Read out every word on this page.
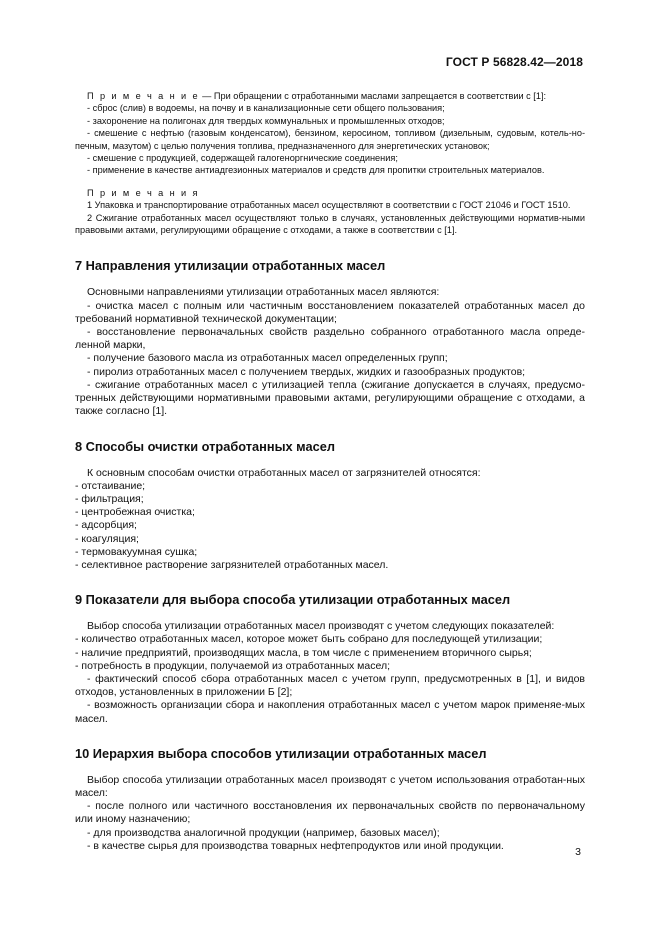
ГОСТ Р 56828.42—2018

П р и м е ч а н и е — При обращении с отработанными маслами запрещается в соответствии с [1]:

- сброс (слив) в водоемы, на почву и в канализационные сети общего пользования;

- захоронение на полигонах для твердых коммунальных и промышленных отходов;

- смешение с нефтью (газовым конденсатом), бензином, керосином, топливом (дизельным, судовым, котель-но-печным, мазутом) с целью получения топлива, предназначенного для энергетических установок;

- смешение с продукцией, содержащей галогеноргнические соединения;

- применение в качестве антиадгезионных материалов и средств для пропитки строительных материалов.

П р и м е ч а н и я

1 Упаковка и транспортирование отработанных масел осуществляют в соответствии с ГОСТ 21046 и ГОСТ 1510.

2 Сжигание отработанных масел осуществляют только в случаях, установленных действующими норматив-ными правовыми актами, регулирующими обращение с отходами, а также в соответствии с [1].

7 Направления утилизации отработанных масел

Основными направлениями утилизации отработанных масел являются:

- очистка масел с полным или частичным восстановлением показателей отработанных масел до требований нормативной технической документации;

- восстановление первоначальных свойств раздельно собранного отработанного масла опреде-ленной марки,

- получение базового масла из отработанных масел определенных групп;

- пиролиз отработанных масел с получением твердых, жидких и газообразных продуктов;

- сжигание отработанных масел с утилизацией тепла (сжигание допускается в случаях, предусмо-тренных действующими нормативными правовыми актами, регулирующими обращение с отходами, а также согласно [1].

8 Способы очистки отработанных масел

К основным способам очистки отработанных масел от загрязнителей относятся:

- отстаивание;

- фильтрация;

- центробежная очистка;

- адсорбция;

- коагуляция;

- термовакуумная сушка;

- селективное растворение загрязнителей отработанных масел.

9 Показатели для выбора способа утилизации отработанных масел

Выбор способа утилизации отработанных масел производят с учетом следующих показателей:

- количество отработанных масел, которое может быть собрано для последующей утилизации;

- наличие предприятий, производящих масла, в том числе с применением вторичного сырья;

- потребность в продукции, получаемой из отработанных масел;

- фактический способ сбора отработанных масел с учетом групп, предусмотренных в [1], и видов отходов, установленных в приложении Б [2];

- возможность организации сбора и накопления отработанных масел с учетом марок применяе-мых масел.

10 Иерархия выбора способов утилизации отработанных масел

Выбор способа утилизации отработанных масел производят с учетом использования отработан-ных масел:

- после полного или частичного восстановления их первоначальных свойств по первоначальному или иному назначению;

- для производства аналогичной продукции (например, базовых масел);

- в качестве сырья для производства товарных нефтепродуктов или иной продукции.

3
